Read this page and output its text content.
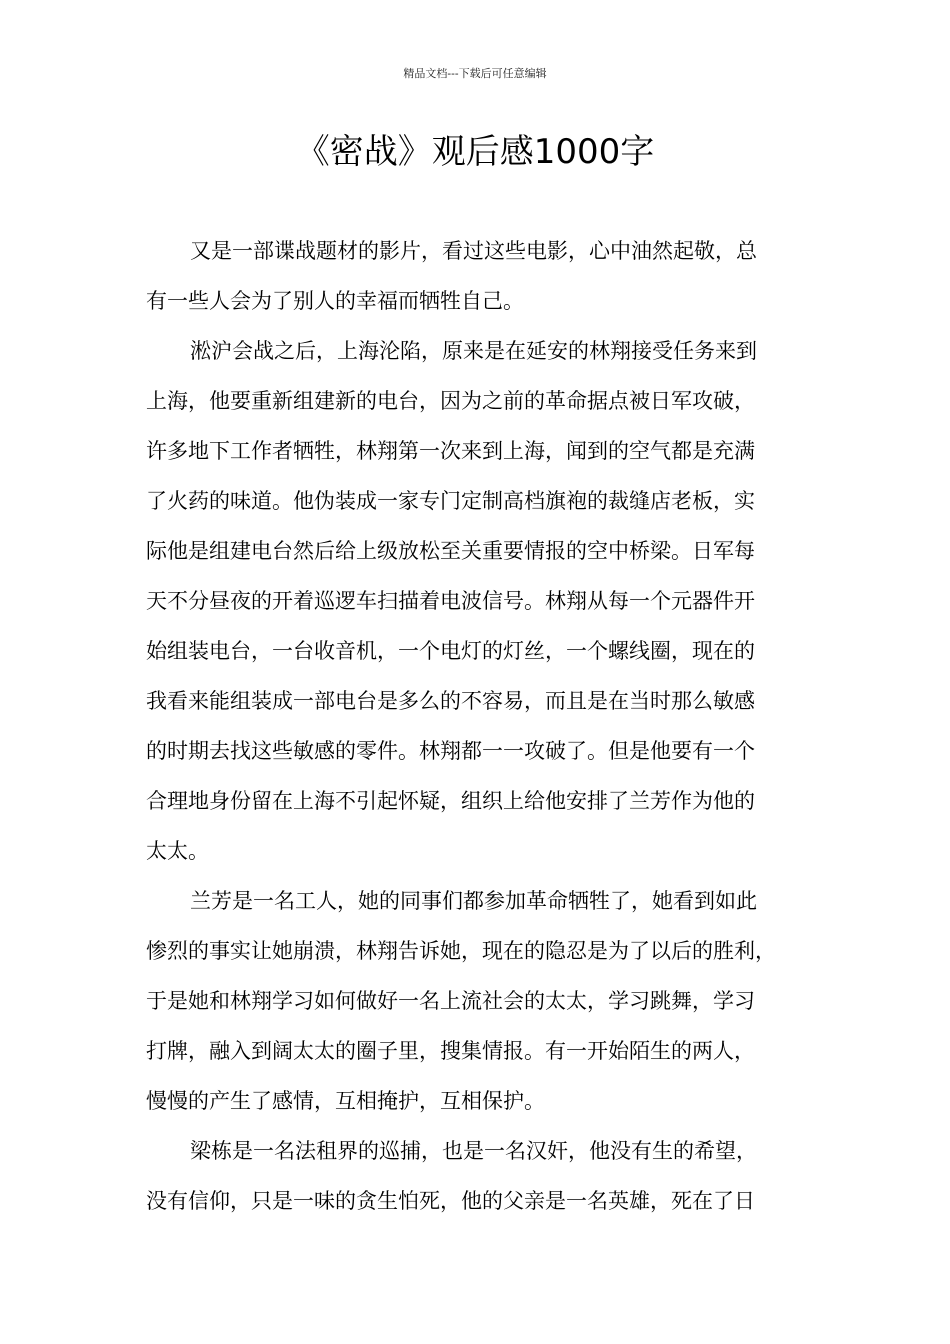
精品文档---下载后可任意编辑
《密战》观后感1000字
又是一部谍战题材的影片，看过这些电影，心中油然起敬，总
有一些人会为了别人的幸福而牺牲自己。
淞沪会战之后，上海沦陷，原来是在延安的林翔接受任务来到
上海，他要重新组建新的电台，因为之前的革命据点被日军攻破，
许多地下工作者牺牲，林翔第一次来到上海，闻到的空气都是充满
了火药的味道。他伪装成一家专门定制高档旗袍的裁缝店老板，实
际他是组建电台然后给上级放松至关重要情报的空中桥梁。日军每
天不分昼夜的开着巡逻车扫描着电波信号。林翔从每一个元器件开
始组装电台，一台收音机，一个电灯的灯丝，一个螺线圈，现在的
我看来能组装成一部电台是多么的不容易，而且是在当时那么敏感
的时期去找这些敏感的零件。林翔都一一攻破了。但是他要有一个
合理地身份留在上海不引起怀疑，组织上给他安排了兰芳作为他的
太太。
兰芳是一名工人，她的同事们都参加革命牺牲了，她看到如此
惨烈的事实让她崩溃，林翔告诉她，现在的隐忍是为了以后的胜利，
于是她和林翔学习如何做好一名上流社会的太太，学习跳舞，学习
打牌，融入到阔太太的圈子里，搜集情报。有一开始陌生的两人，
慢慢的产生了感情，互相掩护，互相保护。
梁栋是一名法租界的巡捕，也是一名汉奸，他没有生的希望，
没有信仰，只是一味的贪生怕死，他的父亲是一名英雄，死在了日
